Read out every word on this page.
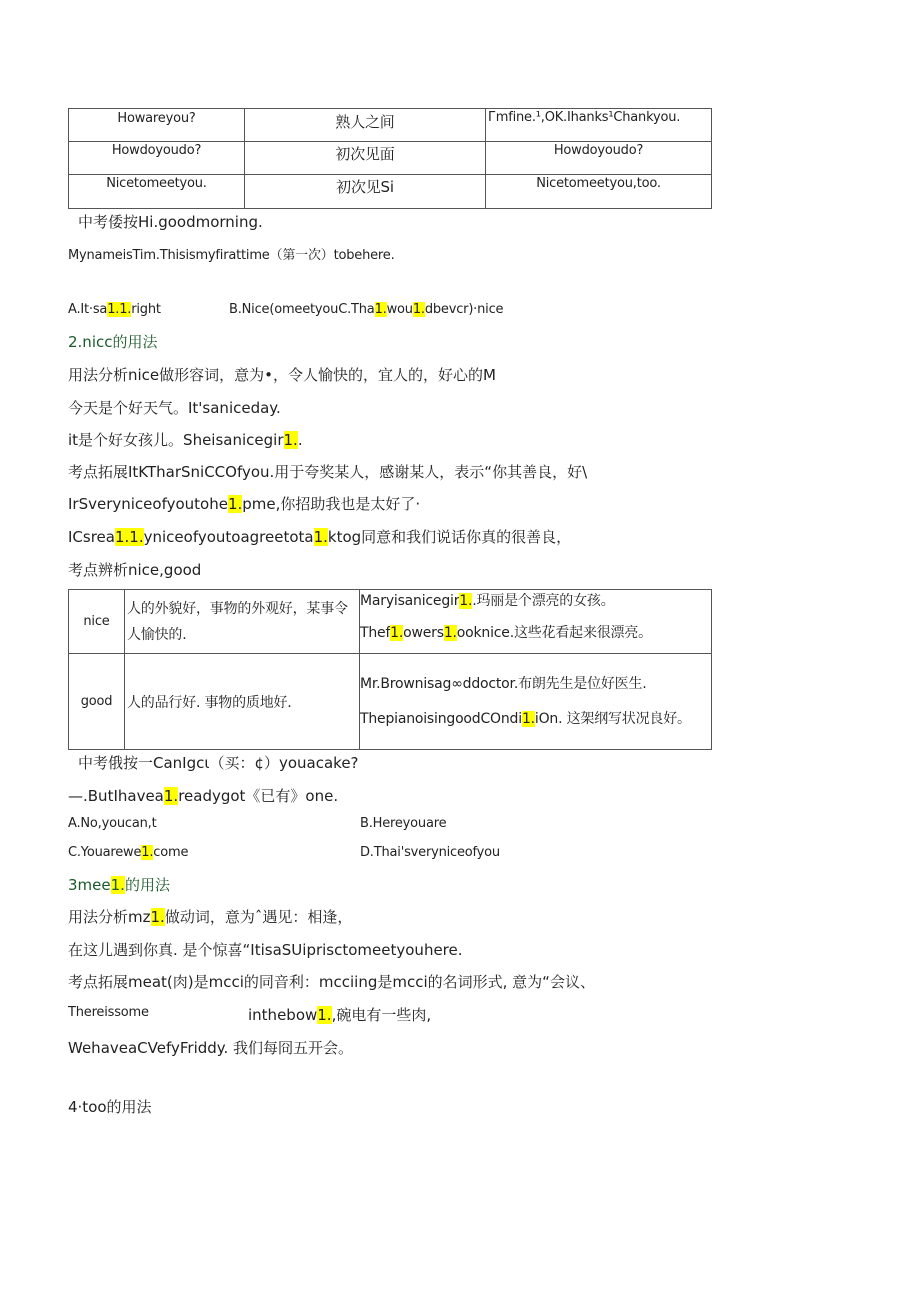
Howareyou?	熟人之间	Гmfine.¹,OK.Ihanks¹Chankyou.
Howdoyoudo?	初次见面	Howdoyoudo?
Nicetomeetyou.	初次见Si	Nicetomeetyou,too.
中考倭按Hi.goodmorning.
MynameisTim.Thisismyfirattime（第一次）tobehere.
A.It·sa1.1.right	B.Nice(omeetyouC.Tha1.wou1.dbevcr)·nice
2.nicc的用法
用法分析nice做形容词，意为•，令人愉快的，宜人的，好心的M
今天是个好天气。It'saniceday.
it是个好女孩儿。Sheisanicegir1..
考点拓展ItKTharSniCCOfyou.用于夸奖某人，感谢某人，表示“你其善良，好\
IrSveryniceofyoutohe1.pme,你招助我也是太好了·
ICsrea1.1.yniceofyoutoagreetota1.ktog同意和我们说话你真的很善良，
考点辨析nice,good
nice	人的外貌好，事物的外观好，某事令人愉快的.	Maryisanicegir1..玛丽是个漂亮的女孩。
Thef1.owers1.ooknice.这些花看起来很漂亮。

good	人的品行好. 事物的质地好.	Mr.Brownisag∞ddoctor.布朗先生是位好医生.
ThepianoisingoodCOndi1.iOn. 这架纲写状况良好。
中考俄按一CanIgcι（买：¢）youacake?
—.ButIhavea1.readygot《已有》one.
A.No,youcan,t	B.Hereyouare
C.Youarewe1.come	D.Thai'sveryniceofyou
3mee1.的用法
用法分析mz1.做动词，意为ˆ遇见：相逢，
在这儿遇到你真. 是个惊喜“ItisaSUiprisctomeetyouhere.
考点拓展meat(肉)是mcci的同音利：mcciing是mcci的名词形式, 意为“会议、
Thereissome	inthebow1.,碗电有一些肉,
WehaveaCVefyFriddy. 我们每冏五开会。
4·too的用法
